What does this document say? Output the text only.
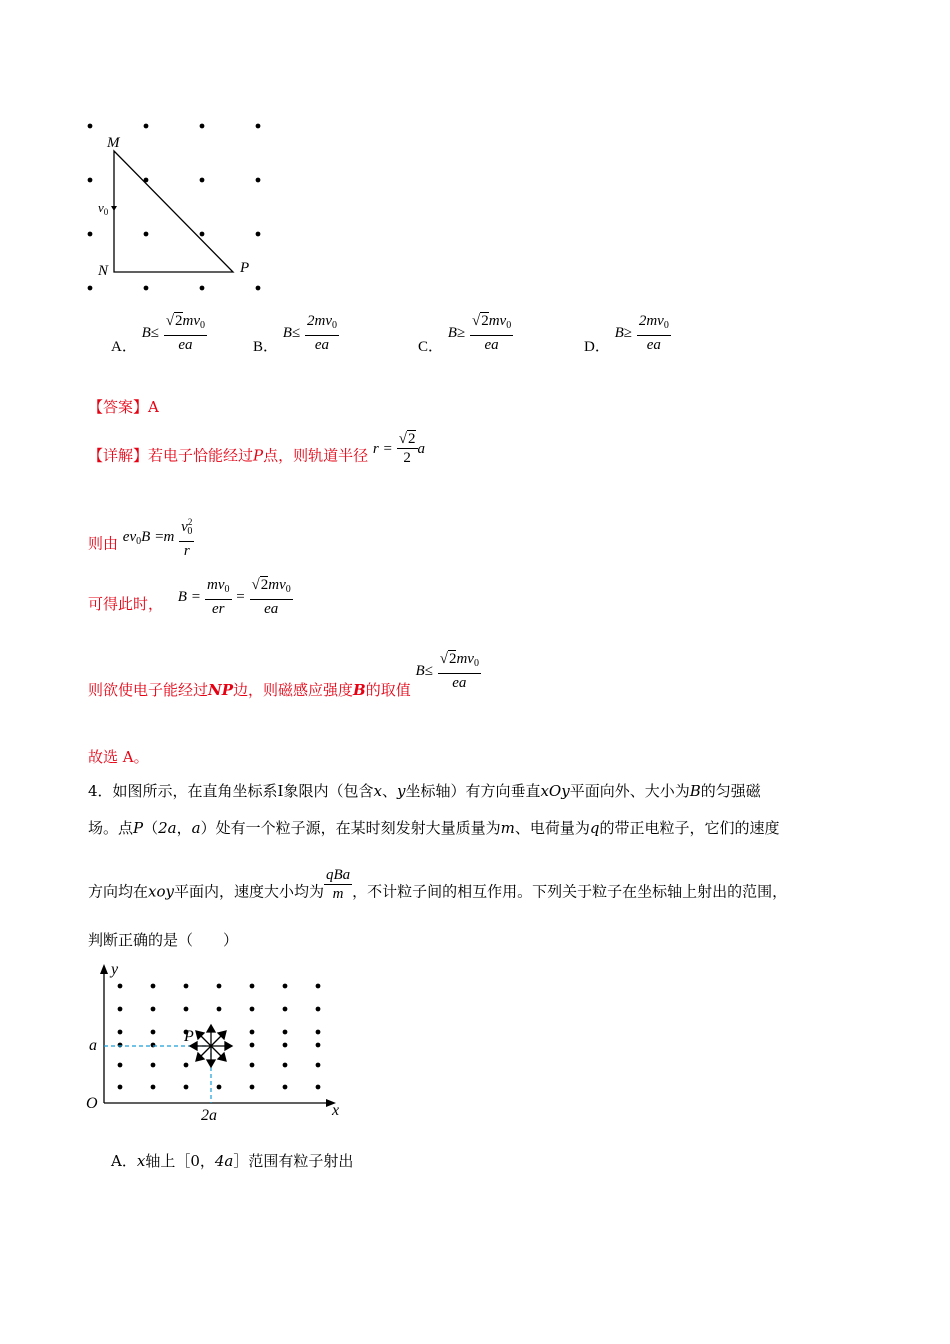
M
N	P
$v_0$
A． $B\le \frac{√2mv_0}{ea}$	B． $B\le \frac{2mv_0}{ea}$	C． $B\ge \frac{√2mv_0}{ea}$	D． $B\ge \frac{2mv_0}{ea}$
【答案】A
【详解】若电子恰能经过P点，则轨道半径 $r = \frac{√2}{2}$ a
则由 $ev_0B =m \frac{v^2_0}{r}$
可得此时， $B = \frac{mv_0}{er} = \frac{√2mv_0}{ea}$
则欲使电子能经过NP边，则磁感应强度B的取值 $B\le \frac{√2mv_0}{ea}$
故选 A。
4．如图所示，在直角坐标系Ⅰ象限内（包含x、y坐标轴）有方向垂直xOy平面向外、大小为B的匀强磁
场。点P（2a，a）处有一个粒子源，在某时刻发射大量质量为m、电荷量为q的带正电粒子，它们的速度
方向均在xoy平面内，速度大小均为 $\frac{\text{qBa}}{m}$ ，不计粒子间的相互作用。下列关于粒子在坐标轴上射出的范围，
判断正确的是（　　）
y
x
O
a
2a
P
A．x轴上［0，4a］范围有粒子射出
